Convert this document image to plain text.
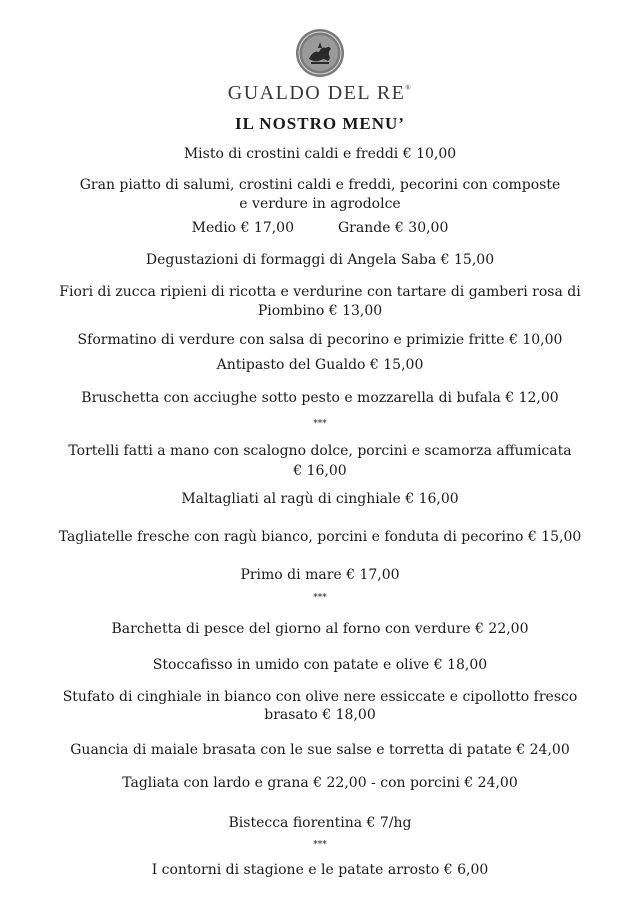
GUALDO DEL RE®
IL NOSTRO MENU’
Misto di crostini caldi e freddi € 10,00
Gran piatto di salumi, crostini caldi e freddi, pecorini con composte
e verdure in agrodolce
Medio € 17,00	Grande € 30,00
Degustazioni di formaggi di Angela Saba € 15,00
Fiori di zucca ripieni di ricotta e verdurine con tartare di gamberi rosa di
Piombino € 13,00
Sformatino di verdure con salsa di pecorino e primizie fritte € 10,00
Antipasto del Gualdo € 15,00
Bruschetta con acciughe sotto pesto e mozzarella di bufala € 12,00
***
Tortelli fatti a mano con scalogno dolce, porcini e scamorza affumicata
€ 16,00
Maltagliati al ragù di cinghiale € 16,00
Tagliatelle fresche con ragù bianco, porcini e fonduta di pecorino € 15,00
Primo di mare € 17,00
***
Barchetta di pesce del giorno al forno con verdure € 22,00
Stoccafisso in umido con patate e olive € 18,00
Stufato di cinghiale in bianco con olive nere essiccate e cipollotto fresco
brasato € 18,00
Guancia di maiale brasata con le sue salse e torretta di patate € 24,00
Tagliata con lardo e grana € 22,00 - con porcini € 24,00
Bistecca fiorentina € 7/hg
***
I contorni di stagione e le patate arrosto € 6,00
